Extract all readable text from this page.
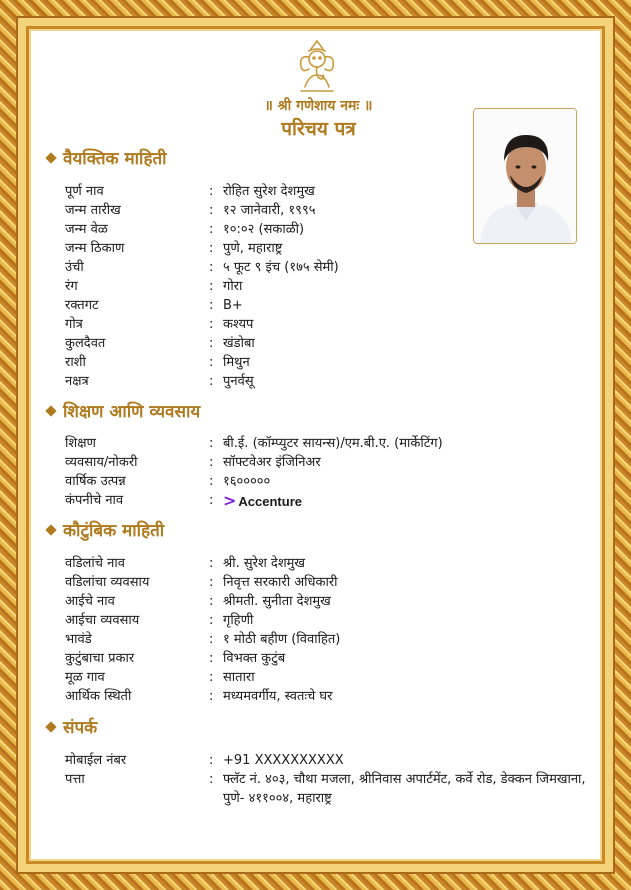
॥ श्री गणेशाय नमः ॥
परिचय पत्र
वैयक्तिक माहिती
पूर्ण नाव	: रोहित सुरेश देशमुख
जन्म तारीख	: १२ जानेवारी, १९९५
जन्म वेळ	: १०:०२ (सकाळी)
जन्म ठिकाण	: पुणे, महाराष्ट्र
उंची	: ५ फूट ९ इंच (१७५ सेमी)
रंग	: गोरा
रक्तगट	: B+
गोत्र	: कश्यप
कुलदैवत	: खंडोबा
राशी	: मिथुन
नक्षत्र	: पुनर्वसू
शिक्षण आणि व्यवसाय
शिक्षण	: बी.ई. (कॉम्प्युटर सायन्स)/एम.बी.ए. (मार्केटिंग)
व्यवसाय/नोकरी	: सॉफ्टवेअर इंजिनिअर
वार्षिक उत्पन्न	: १६०००००
कंपनीचे नाव	: > Accenture
कौटुंबिक माहिती
वडिलांचे नाव	: श्री. सुरेश देशमुख
वडिलांचा व्यवसाय	: निवृत्त सरकारी अधिकारी
आईचे नाव	: श्रीमती. सुनीता देशमुख
आईचा व्यवसाय	: गृहिणी
भावंडे	: १ मोठी बहीण (विवाहित)
कुटुंबाचा प्रकार	: विभक्त कुटुंब
मूळ गाव	: सातारा
आर्थिक स्थिती	: मध्यमवर्गीय, स्वतःचे घर
संपर्क
मोबाईल नंबर	: +91 XXXXXXXXXX
पत्ता	: फ्लॅट नं. ४०३, चौथा मजला, श्रीनिवास अपार्टमेंट, कर्वे रोड, डेक्कन जिमखाना, पुणे- ४११००४, महाराष्ट्र
